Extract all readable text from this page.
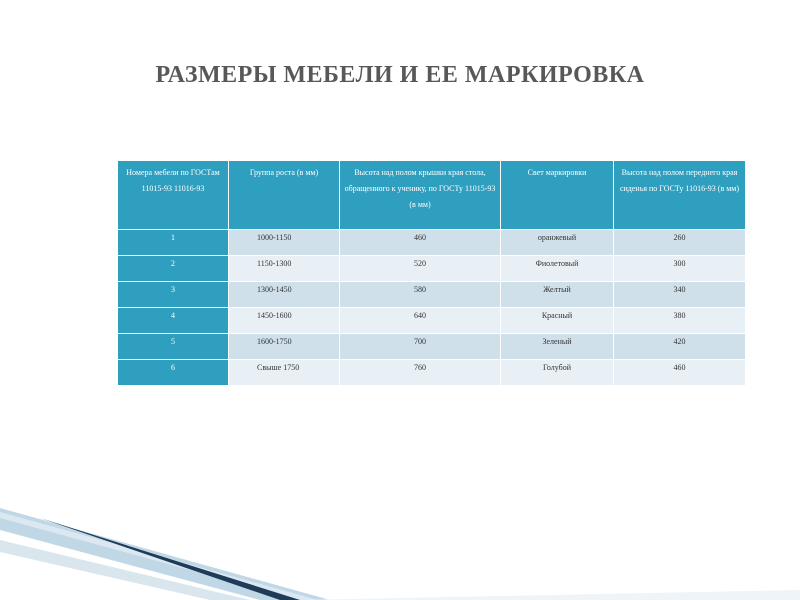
РАЗМЕРЫ МЕБЕЛИ И ЕЕ МАРКИРОВКА
Номера мебели по ГОСТам 11015-93 11016-93	Группа роста (в мм)	Высота над полом крышки края стола, обращенного к ученику, по ГОСТу 11015-93 (в мм)	Свет маркировки	Высота над полом переднего края сиденья по ГОСТу 11016-93 (в мм)

1	1000-1150	460	оранжевый	260

2	1150-1300	520	Фиолетовый	300

3	1300-1450	580	Желтый	340

4	1450-1600	640	Красный	380

5	1600-1750	700	Зеленый	420

6	Свыше 1750	760	Голубой	460
